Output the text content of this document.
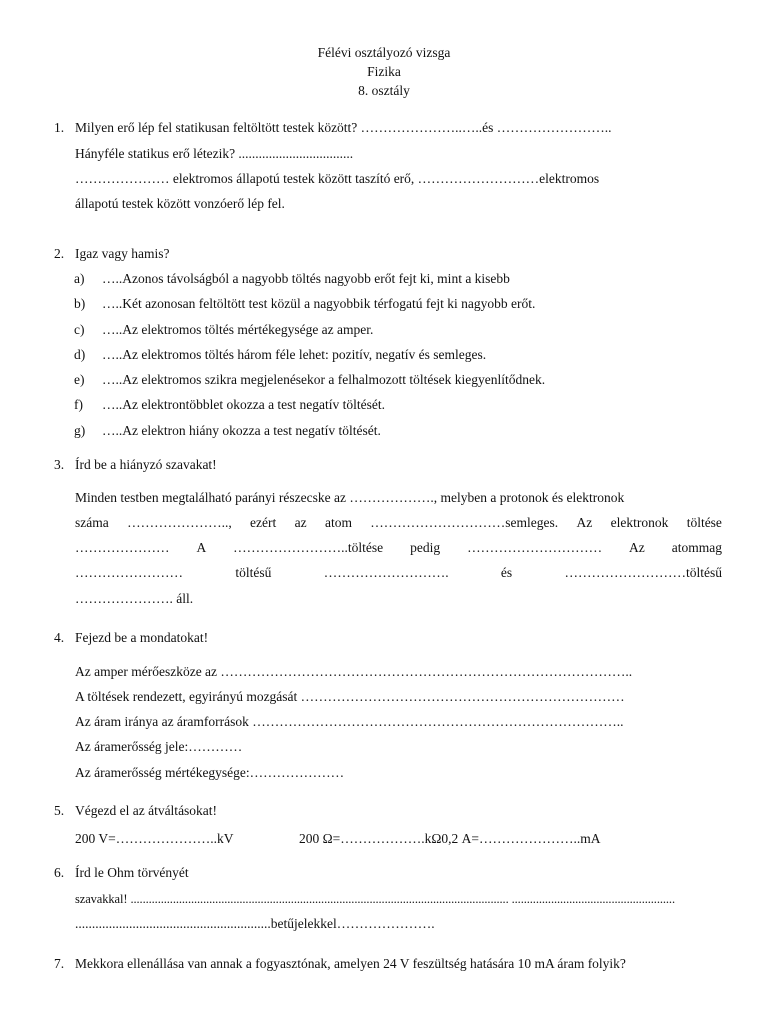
Félévi osztályozó vizsga
Fizika
8. osztály
1. Milyen erő lép fel statikusan feltöltött testek között? …………………..…..és ……………………..
Hányféle statikus erő létezik? ..................................
………………… elektromos állapotú testek között taszító erő, ………………………elektromos
állapotú testek között vonzóerő lép fel.
2. Igaz vagy hamis?
a) …..Azonos távolságból a nagyobb töltés nagyobb erőt fejt ki, mint a kisebb
b) …..Két azonosan feltöltött test közül a nagyobbik térfogatú fejt ki nagyobb erőt.
c) …..Az elektromos töltés mértékegysége az amper.
d) …..Az elektromos töltés három féle lehet: pozitív, negatív és semleges.
e) …..Az elektromos szikra megjelenésekor a felhalmozott töltések kiegyenlítődnek.
f) …..Az elektrontöbblet okozza a test negatív töltését.
g) …..Az elektron hiány okozza a test negatív töltését.
3. Írd be a hiányzó szavakat!
Minden testben megtalálható parányi részecske az ………………., melyben a protonok és elektronok
száma ………………….., ezért az atom …………………………semleges. Az elektronok töltése
………………… A ……………………..töltése pedig ………………………… Az atommag
……………………	töltésű	……………………….	és	………………………töltésű
…………………. áll.
4. Fejezd be a mondatokat!
Az amper mérőeszköze az ………………………………………………………………………………..
A töltések rendezett, egyirányú mozgását ………………………………………………………………
Az áram iránya az áramforrások ………………………………………………………………………..
Az áramerősség jele:…………
Az áramerősség mértékegysége:…………………
5. Végezd el az átváltásokat!
200 V=…………………..kV	200 Ω=……………….kΩ0,2 A=…………………..mA
6. Írd le Ohm törvényét
szavakkal! ............................................................................................................................. ......................................................
..........................................................betűjelekkel………………….
7. Mekkora ellenállása van annak a fogyasztónak, amelyen 24 V feszültség hatására 10 mA áram folyik?
